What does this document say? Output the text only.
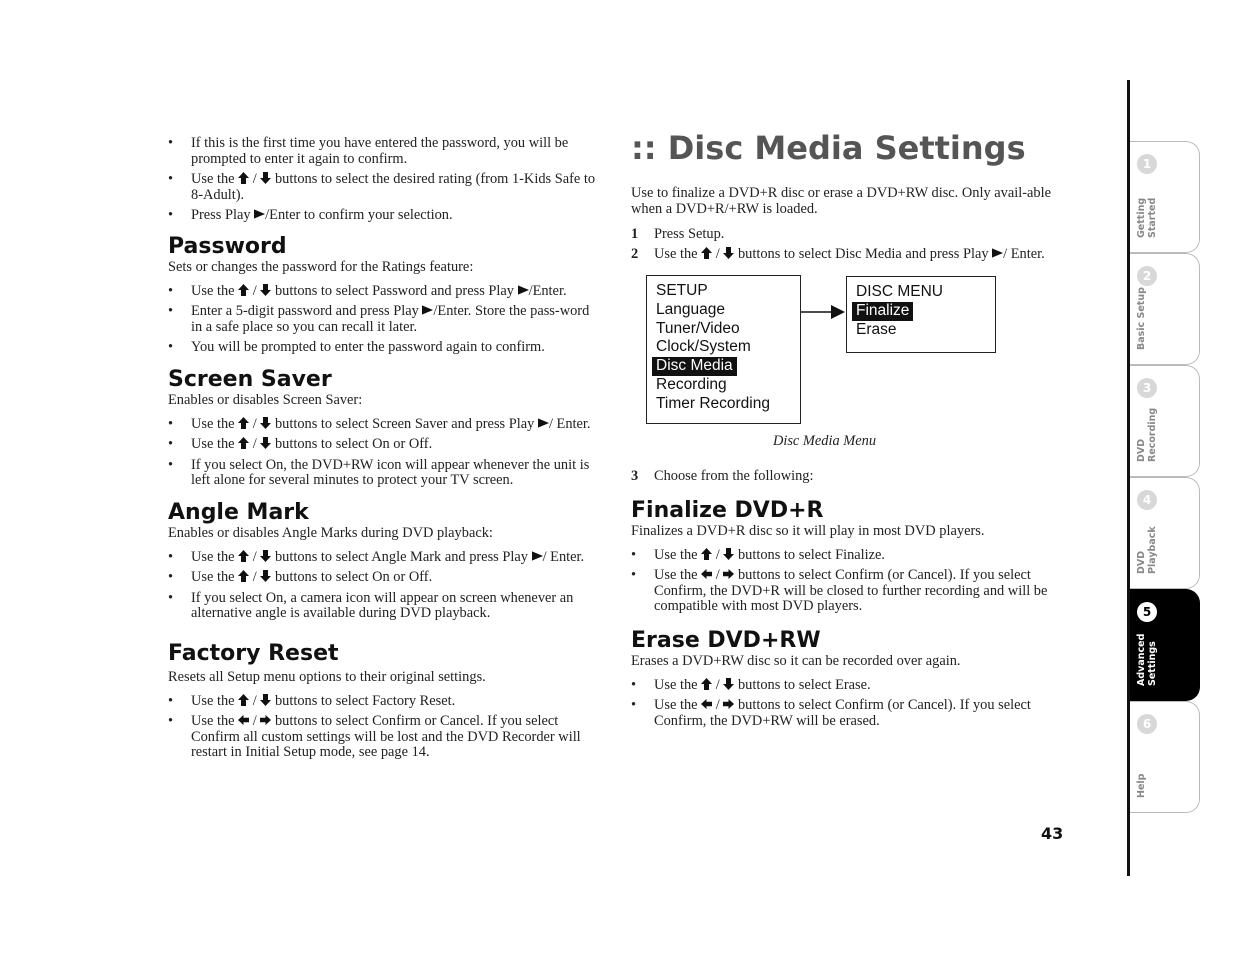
• If this is the first time you have entered the password, you will be prompted to enter it again to confirm.
• Use the
/
buttons to select the desired rating (from 1-Kids Safe to 8-Adult).
• Press Play
/Enter to confirm your selection.
Password

Sets or changes the password for the Ratings feature:

• Use the
/
buttons to select Password and press Play
/Enter.
• Enter a 5-digit password and press Play
/Enter. Store the pass-word in a safe place so you can recall it later.
• You will be prompted to enter the password again to confirm.
Screen Saver

Enables or disables Screen Saver:

• Use the
/
buttons to select Screen Saver and press Play
/ Enter.
• Use the
/
buttons to select On or Off.
• If you select On, the DVD+RW icon will appear whenever the unit is left alone for several minutes to protect your TV screen.
Angle Mark

Enables or disables Angle Marks during DVD playback:

• Use the
/
buttons to select Angle Mark and press Play
/ Enter.
• Use the
/
buttons to select On or Off.
• If you select On, a camera icon will appear on screen whenever an alternative angle is available during DVD playback.
Factory Reset

Resets all Setup menu options to their original settings.

• Use the
/
buttons to select Factory Reset.
• Use the
/
buttons to select Confirm or Cancel. If you select Confirm all custom settings will be lost and the DVD Recorder will restart in Initial Setup mode, see page 14.
:: Disc Media Settings

Use to finalize a DVD+R disc or erase a DVD+RW disc. Only avail-able when a DVD+R/+RW is loaded.

1 Press Setup.
2 Use the
/
buttons to select Disc Media and press Play
/ Enter.
SETUP
Language
Tuner/Video
Clock/System
Disc Media
Recording
Timer Recording
DISC MENU
Finalize
Erase

Disc Media Menu

3 Choose from the following:
Finalize DVD+R

Finalizes a DVD+R disc so it will play in most DVD players.

• Use the
/
buttons to select Finalize.
• Use the
/
buttons to select Confirm (or Cancel). If you select Confirm, the DVD+R will be closed to further recording and will be compatible with most DVD players.
Erase DVD+RW

Erases a DVD+RW disc so it can be recorded over again.

• Use the
/
buttons to select Erase.
• Use the
/
buttons to select Confirm (or Cancel). If you select Confirm, the DVD+RW will be erased.
1
Getting
Started
2
Basic Setup
3
DVD
Recording
4
DVD
Playback
5
Advanced
Settings
6
Help
43
